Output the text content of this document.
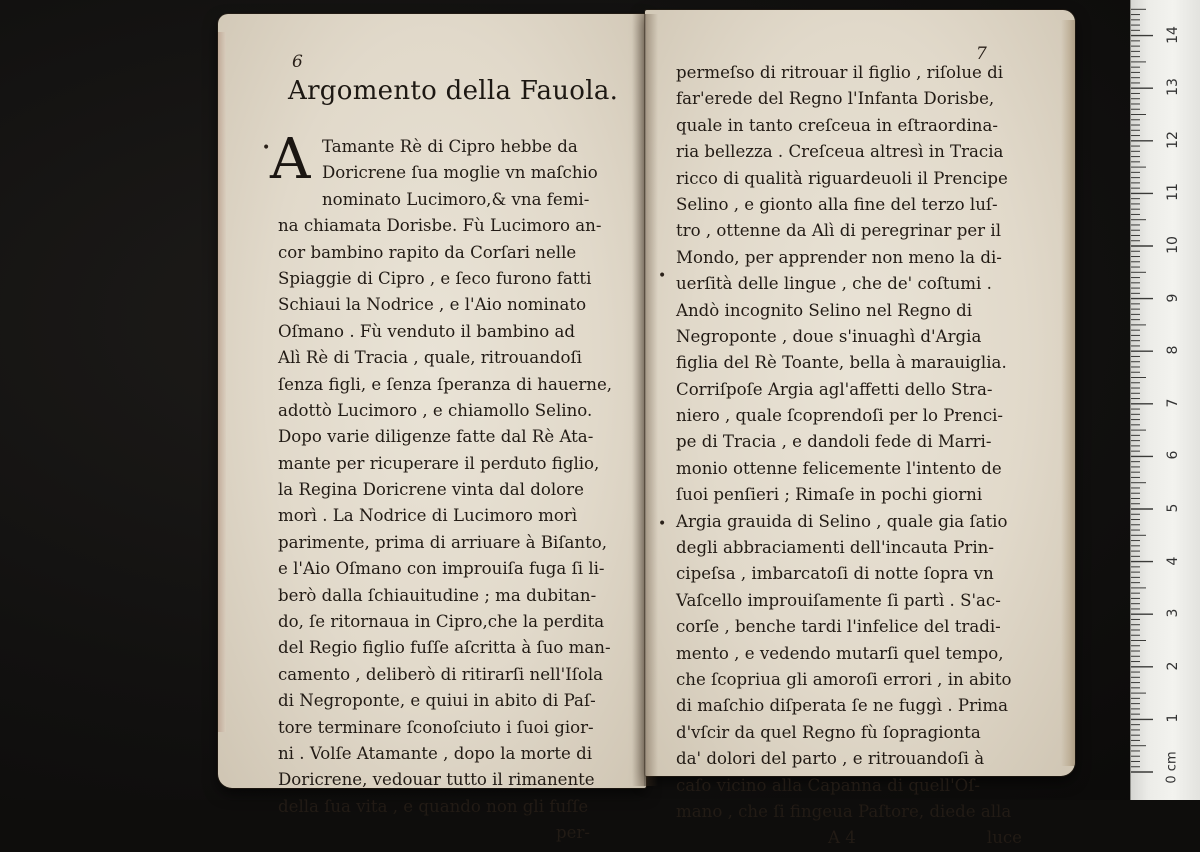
6	7
Argomento della Fauola.
A
•
•
•
Tamante Rè di Cipro hebbe da
Doricrene ſua moglie vn maſchio
nominato Lucimoro,& vna femi-
na chiamata Dorisbe. Fù Lucimoro an-
cor bambino rapito da Corſari nelle
Spiaggie di Cipro , e ſeco furono fatti
Schiaui la Nodrice , e l'Aio nominato
Oſmano . Fù venduto il bambino ad
Alì Rè di Tracia , quale, ritrouandoſi
ſenza figli, e ſenza ſperanza di hauerne,
adottò Lucimoro , e chiamollo Selino.
Dopo varie diligenze fatte dal Rè Ata-
mante per ricuperare il perduto figlio,
la Regina Doricrene vinta dal dolore
morì . La Nodrice di Lucimoro morì
parimente, prima di arriuare à Biſanto,
e l'Aio Oſmano con improuiſa fuga ſi li-
berò dalla ſchiauitudine ; ma dubitan-
do, ſe ritornaua in Cipro,che la perdita
del Regio figlio fuſſe aſcritta à ſuo man-
camento , deliberò di ritirarſi nell'Iſola
di Negroponte, e quiui in abito di Paſ-
tore terminare ſconoſciuto i ſuoi gior-
ni . Volſe Atamante , dopo la morte di
Doricrene, vedouar tutto il rimanente
della ſua vita , e quando non gli fuſſe
per-
permeſso di ritrouar il figlio , riſolue di
far'erede del Regno l'Infanta Dorisbe,
quale in tanto creſceua in eſtraordina-
ria bellezza . Creſceua altresì in Tracia
ricco di qualità riguardeuoli il Prencipe
Selino , e gionto alla fine del terzo luſ-
tro , ottenne da Alì di peregrinar per il
Mondo, per apprender non meno la di-
uerſità delle lingue , che de' coſtumi .
Andò incognito Selino nel Regno di
Negroponte , doue s'inuaghì d'Argia
figlia del Rè Toante, bella à marauiglia.
Corriſpoſe Argia agl'affetti dello Stra-
niero , quale ſcoprendoſi per lo Prenci-
pe di Tracia , e dandoli fede di Marri-
monio ottenne felicemente l'intento de
ſuoi penſieri ; Rimaſe in pochi giorni
Argia grauida di Selino , quale gia ſatio
degli abbraciamenti dell'incauta Prin-
cipeſsa , imbarcatoſi di notte ſopra vn
Vaſcello improuiſamente ſi partì . S'ac-
corſe , benche tardi l'infelice del tradi-
mento , e vedendo mutarſi quel tempo,
che ſcopriua gli amoroſi errori , in abito
di maſchio diſperata ſe ne fuggì . Prima
d'vſcir da quel Regno fù ſopragionta
da' dolori del parto , e ritrouandoſi à
caſo vicino alla Capanna di quell'Oſ-
mano , che ſi fingeua Paſtore, diede alla
A 4	luce
1
2
3
4
5
6
7
8
9
10
11
12
13
14
0 cm
